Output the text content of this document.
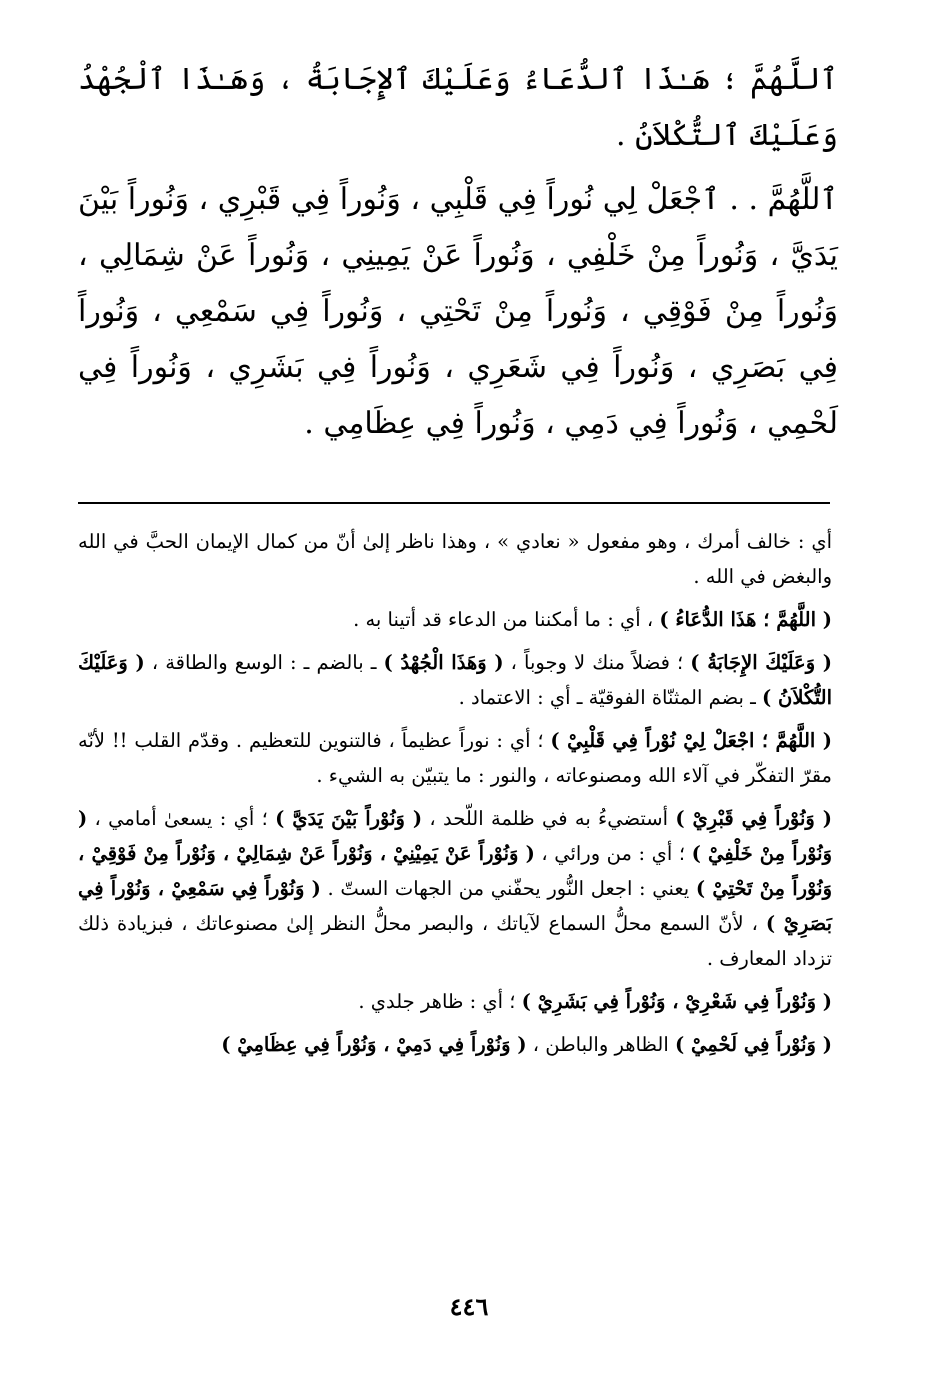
ٱللَّهُمَّ ؛ هَـٰذَا ٱلدُّعَاءُ وَعَلَيْكَ ٱلإِجَابَةُ ، وَهَـٰذَا ٱلْجُهْدُ وَعَلَيْكَ ٱلتُّكْلاَنُ .

ٱللَّهُمَّ . . ٱجْعَلْ لِي نُوراً فِي قَلْبِي ، وَنُوراً فِي قَبْرِي ، وَنُوراً بَيْنَ يَدَيَّ ، وَنُوراً مِنْ خَلْفِي ، وَنُوراً عَنْ يَمِينِي ، وَنُوراً عَنْ شِمَالِي ، وَنُوراً مِنْ فَوْقِي ، وَنُوراً مِنْ تَحْتِي ، وَنُوراً فِي سَمْعِي ، وَنُوراً فِي بَصَرِي ، وَنُوراً فِي شَعَرِي ، وَنُوراً فِي بَشَرِي ، وَنُوراً فِي لَحْمِي ، وَنُوراً فِي دَمِي ، وَنُوراً فِي عِظَامِي .

أي : خالف أمرك ، وهو مفعول « نعادي » ، وهذا ناظر إلىٰ أنّ من كمال الإيمان الحبَّ في الله والبغض في الله .

( اللَّهُمَّ ؛ هَذَا الدُّعَاءُ ) ، أي : ما أمكننا من الدعاء قد أتينا به .

( وَعَلَيْكَ الإِجَابَةُ ) ؛ فضلاً منك لا وجوباً ، ( وَهَذَا الْجُهْدُ ) ـ بالضم ـ : الوسع والطاقة ، ( وَعَلَيْكَ التُّكْلاَنُ ) ـ بضم المثنّاة الفوقيّة ـ أي : الاعتماد .

( اللَّهُمَّ ؛ اجْعَلْ لِيْ نُوْراً فِي قَلْبِيْ ) ؛ أي : نوراً عظيماً ، فالتنوين للتعظيم . وقدّم القلب !! لأنّه مقرّ التفكّر في آلاء الله ومصنوعاته ، والنور : ما يتبيّن به الشيء .

( وَنُوْراً فِي قَبْرِيْ ) أستضيءُ به في ظلمة اللّحد ، ( وَنُوْراً بَيْنَ يَدَيَّ ) ؛ أي : يسعىٰ أمامي ، ( وَنُوْراً مِنْ خَلْفِيْ ) ؛ أي : من ورائي ، ( وَنُوْراً عَنْ يَمِيْنِيْ ، وَنُوْراً عَنْ شِمَالِيْ ، وَنُوْراً مِنْ فَوْقِيْ ، وَنُوْراً مِنْ تَحْتِيْ ) يعني : اجعل النُّور يحفّني من الجهات الستّ . ( وَنُوْراً فِي سَمْعِيْ ، وَنُوْراً فِي بَصَرِيْ ) ، لأنّ السمع محلُّ السماع لآياتك ، والبصر محلُّ النظر إلىٰ مصنوعاتك ، فبزيادة ذلك تزداد المعارف .

( وَنُوْراً فِي شَعْرِيْ ، وَنُوْراً فِي بَشَرِيْ ) ؛ أي : ظاهر جلدي .

( وَنُوْراً فِي لَحْمِيْ ) الظاهر والباطن ، ( وَنُوْراً فِي دَمِيْ ، وَنُوْراً فِي عِظَامِيْ )

٤٤٦
